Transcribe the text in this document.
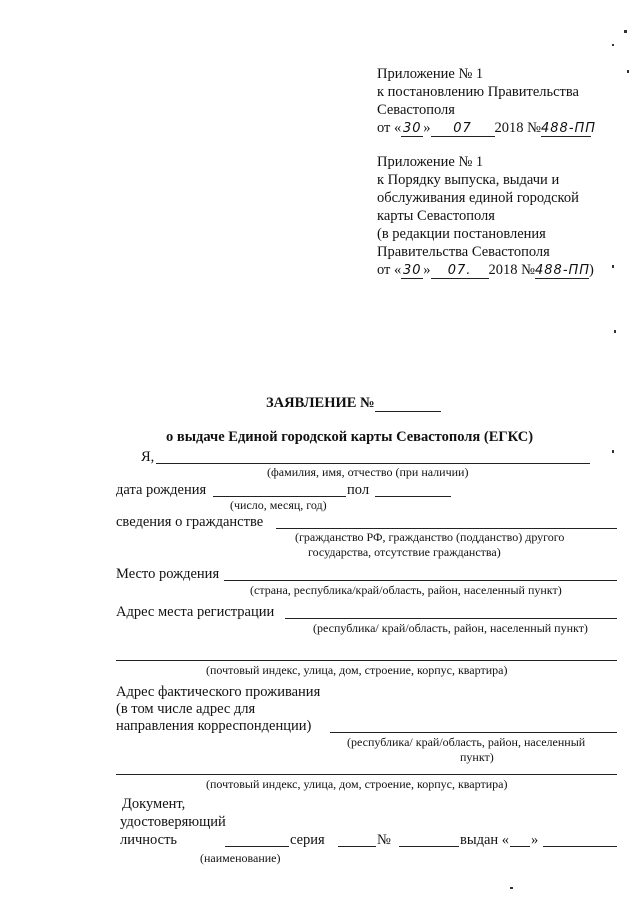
Приложение № 1
к постановлению Правительства
Севастополя
от « 30 » 07 2018 №488-ПП
Приложение № 1
к Порядку выпуска, выдачи и
обслуживания единой городской
карты Севастополя
(в редакции постановления
Правительства Севастополя
от « 30 » 07. 2018 №488-ПП)
ЗАЯВЛЕНИЕ №
о выдаче Единой городской карты Севастополя (ЕГКС)
Я,
(фамилия, имя, отчество (при наличии)
дата рождения	пол
(число, месяц, год)
сведения о гражданстве
(гражданство РФ, гражданство (подданство) другого
государства, отсутствие гражданства)
Место рождения
(страна, республика/край/область, район, населенный пункт)
Адрес места регистрации
(республика/ край/область, район, населенный пункт)
(почтовый индекс, улица, дом, строение, корпус, квартира)
Адрес фактического проживания
(в том числе адрес для
направления корреспонденции)
(республика/ край/область, район, населенный
пункт)
(почтовый индекс, улица, дом, строение, корпус, квартира)
Документ,
удостоверяющий
личность	серия	№	выдан « »
(наименование)
